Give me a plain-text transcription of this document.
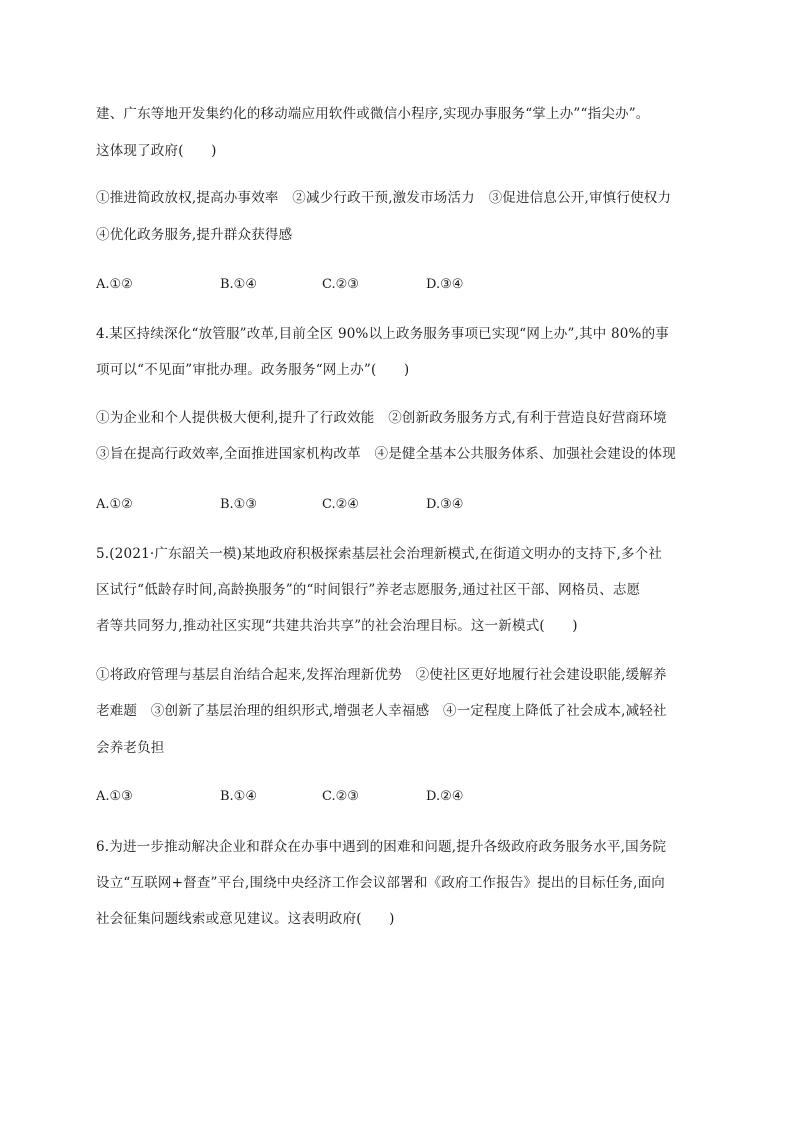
建、广东等地开发集约化的移动端应用软件或微信小程序,实现办事服务“掌上办”“指尖办”。
这体现了政府(　　)
①推进简政放权,提高办事效率　②减少行政干预,激发市场活力　③促进信息公开,审慎行使权力
④优化政务服务,提升群众获得感
A.①②	B.①④	C.②③	D.③④
4.某区持续深化“放管服”改革,目前全区 90%以上政务服务事项已实现“网上办”,其中 80%的事
项可以“不见面”审批办理。政务服务“网上办”(　　)
①为企业和个人提供极大便利,提升了行政效能　②创新政务服务方式,有利于营造良好营商环境
③旨在提高行政效率,全面推进国家机构改革　④是健全基本公共服务体系、加强社会建设的体现
A.①②	B.①③	C.②④	D.③④
5.(2021·广东韶关一模)某地政府积极探索基层社会治理新模式,在街道文明办的支持下,多个社
区试行“低龄存时间,高龄换服务”的“时间银行”养老志愿服务,通过社区干部、网格员、志愿
者等共同努力,推动社区实现“共建共治共享”的社会治理目标。这一新模式(　　)
①将政府管理与基层自治结合起来,发挥治理新优势　②使社区更好地履行社会建设职能,缓解养
老难题　③创新了基层治理的组织形式,增强老人幸福感　④一定程度上降低了社会成本,减轻社
会养老负担
A.①③	B.①④	C.②③	D.②④
6.为进一步推动解决企业和群众在办事中遇到的困难和问题,提升各级政府政务服务水平,国务院
设立“互联网+督查”平台,围绕中央经济工作会议部署和《政府工作报告》提出的目标任务,面向
社会征集问题线索或意见建议。这表明政府(　　)
